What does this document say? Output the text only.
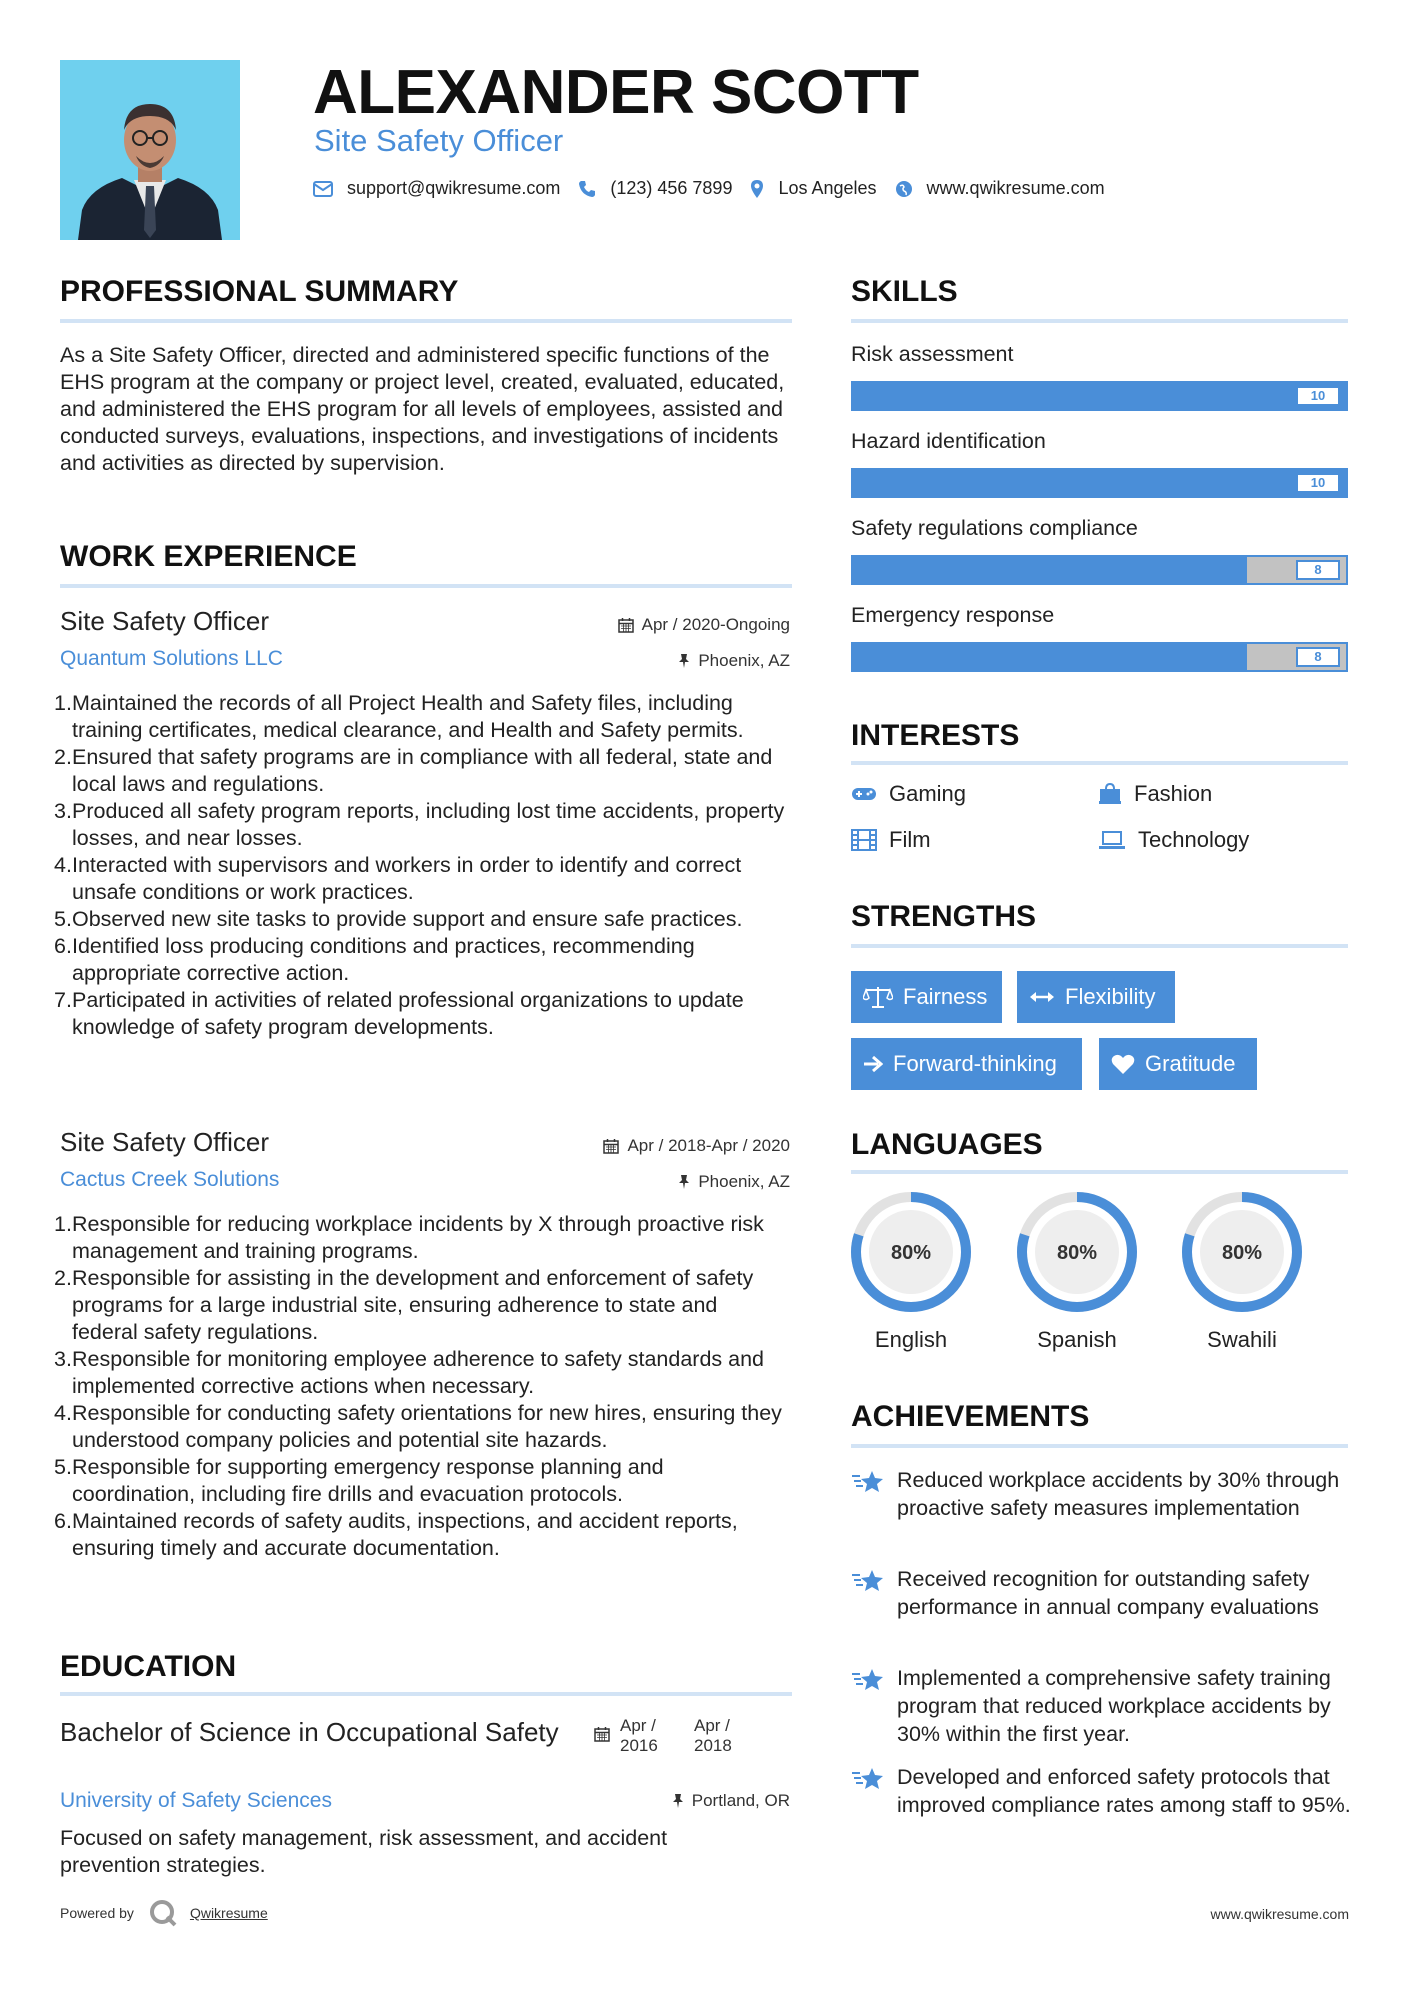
ALEXANDER SCOTT
Site Safety Officer
support@qwikresume.com	(123) 456 7899	Los Angeles	www.qwikresume.com
PROFESSIONAL SUMMARY
As a Site Safety Officer, directed and administered specific functions of the EHS program at the company or project level, created, evaluated, educated, and administered the EHS program for all levels of employees, assisted and conducted surveys, evaluations, inspections, and investigations of incidents and activities as directed by supervision.
WORK EXPERIENCE
Site Safety Officer	Apr / 2020-Ongoing
Quantum Solutions LLC	Phoenix, AZ
1. Maintained the records of all Project Health and Safety files, including training certificates, medical clearance, and Health and Safety permits.
2. Ensured that safety programs are in compliance with all federal, state and local laws and regulations.
3. Produced all safety program reports, including lost time accidents, property losses, and near losses.
4. Interacted with supervisors and workers in order to identify and correct unsafe conditions or work practices.
5. Observed new site tasks to provide support and ensure safe practices.
6. Identified loss producing conditions and practices, recommending appropriate corrective action.
7. Participated in activities of related professional organizations to update knowledge of safety program developments.
Site Safety Officer	Apr / 2018-Apr / 2020
Cactus Creek Solutions	Phoenix, AZ
1. Responsible for reducing workplace incidents by X through proactive risk management and training programs.
2. Responsible for assisting in the development and enforcement of safety programs for a large industrial site, ensuring adherence to state and federal safety regulations.
3. Responsible for monitoring employee adherence to safety standards and implemented corrective actions when necessary.
4. Responsible for conducting safety orientations for new hires, ensuring they understood company policies and potential site hazards.
5. Responsible for supporting emergency response planning and coordination, including fire drills and evacuation protocols.
6. Maintained records of safety audits, inspections, and accident reports, ensuring timely and accurate documentation.
EDUCATION
Bachelor of Science in Occupational Safety	Apr /
2016
Apr /
2018
University of Safety Sciences	Portland, OR
Focused on safety management, risk assessment, and accident prevention strategies.
SKILLS
Risk assessment
10
Hazard identification
10
Safety regulations compliance
8
Emergency response
8
INTERESTS
Gaming	Fashion
Film	Technology
STRENGTHS
Fairness	Flexibility
Forward-thinking	Gratitude
LANGUAGES
80%
English
80%
Spanish
80%
Swahili
ACHIEVEMENTS
Reduced workplace accidents by 30% through proactive safety measures implementation
Received recognition for outstanding safety performance in annual company evaluations
Implemented a comprehensive safety training program that reduced workplace accidents by 30% within the first year.
Developed and enforced safety protocols that improved compliance rates among staff to 95%.
Powered by	Qwikresume	www.qwikresume.com
